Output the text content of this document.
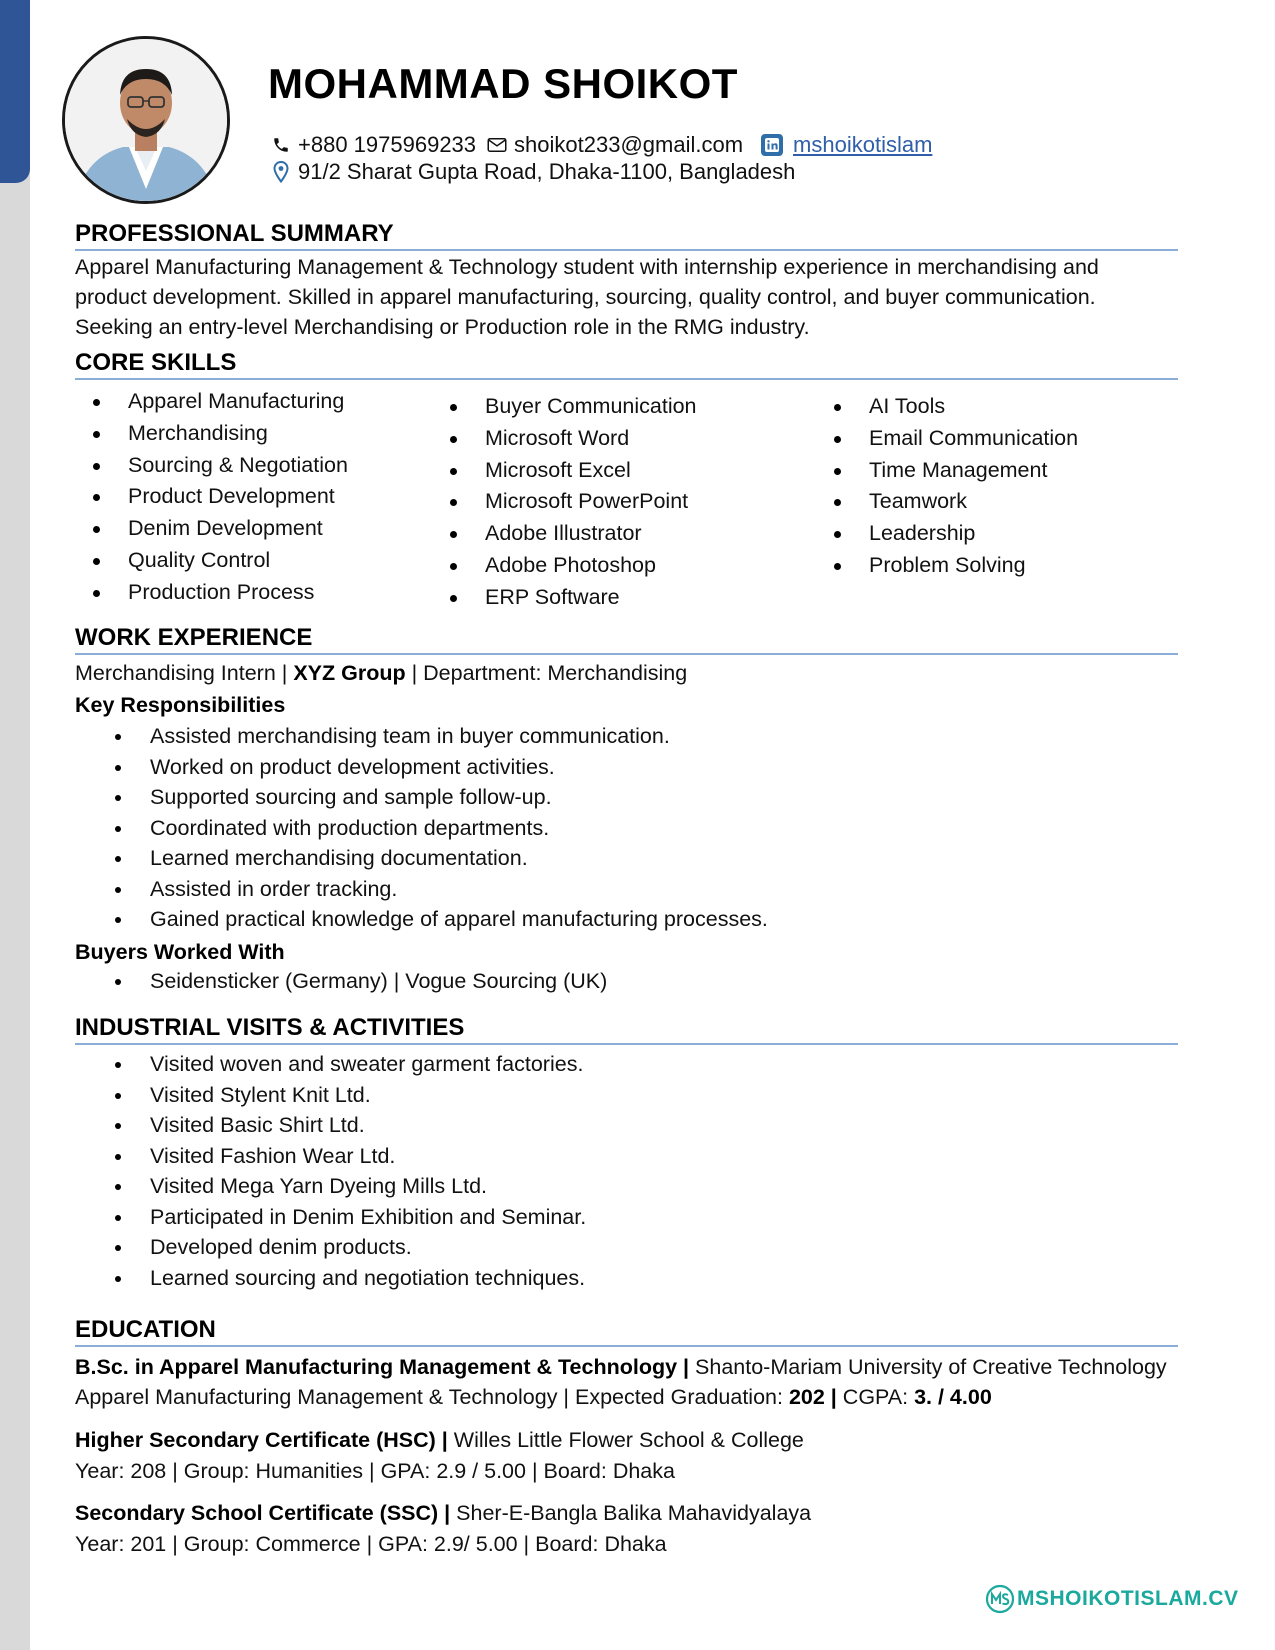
MOHAMMAD SHOIKOT
+880 1975969233 shoikot233@gmail.com mshoikotislam
91/2 Sharat Gupta Road, Dhaka-1100, Bangladesh
PROFESSIONAL SUMMARY
Apparel Manufacturing Management & Technology student with internship experience in merchandising and
product development. Skilled in apparel manufacturing, sourcing, quality control, and buyer communication.
Seeking an entry-level Merchandising or Production role in the RMG industry.
CORE SKILLS
Apparel Manufacturing
Merchandising
Sourcing & Negotiation
Product Development
Denim Development
Quality Control
Production Process
Buyer Communication
Microsoft Word
Microsoft Excel
Microsoft PowerPoint
Adobe Illustrator
Adobe Photoshop
ERP Software
AI Tools
Email Communication
Time Management
Teamwork
Leadership
Problem Solving
WORK EXPERIENCE
Merchandising Intern | XYZ Group | Department: Merchandising
Key Responsibilities
Assisted merchandising team in buyer communication.
Worked on product development activities.
Supported sourcing and sample follow-up.
Coordinated with production departments.
Learned merchandising documentation.
Assisted in order tracking.
Gained practical knowledge of apparel manufacturing processes.
Buyers Worked With
Seidensticker (Germany) | Vogue Sourcing (UK)
INDUSTRIAL VISITS & ACTIVITIES
Visited woven and sweater garment factories.
Visited Stylent Knit Ltd.
Visited Basic Shirt Ltd.
Visited Fashion Wear Ltd.
Visited Mega Yarn Dyeing Mills Ltd.
Participated in Denim Exhibition and Seminar.
Developed denim products.
Learned sourcing and negotiation techniques.
EDUCATION
B.Sc. in Apparel Manufacturing Management & Technology | Shanto-Mariam University of Creative Technology
Apparel Manufacturing Management & Technology | Expected Graduation: 202 | CGPA: 3. / 4.00
Higher Secondary Certificate (HSC) | Willes Little Flower School & College
Year: 208 | Group: Humanities | GPA: 2.9 / 5.00 | Board: Dhaka
Secondary School Certificate (SSC) | Sher-E-Bangla Balika Mahavidyalaya
Year: 201 | Group: Commerce | GPA: 2.9/ 5.00 | Board: Dhaka
MSHOIKOTISLAM.CV
